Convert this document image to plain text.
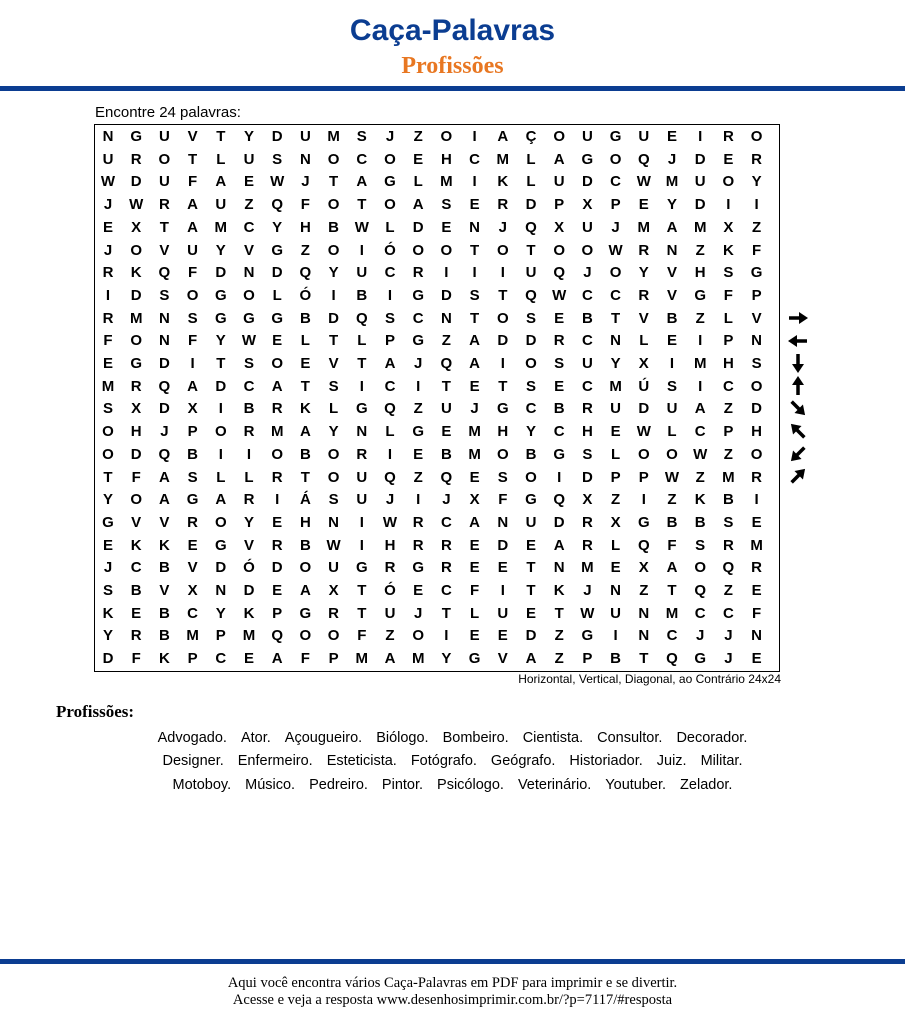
Caça-Palavras
Profissões
Encontre 24 palavras:
N	G	U	V	T	Y	D	U	M	S	J	Z	O	I	A	Ç	O	U	G	U	E	I	R	O
U	R	O	T	L	U	S	N	O	C	O	E	H	C	M	L	A	G	O	Q	J	D	E	R
W	D	U	F	A	E	W	J	T	A	G	L	M	I	K	L	U	D	C	W M	U	O	Y
J	W	R	A	U	Z	Q	F	O	T	O	A	S	E	R	D	P	X	P	E	Y	D	I	I
E	X	T	A	M	C	Y	H	B	W	L	D	E	N	J	Q	X	U	J	M	A	M	X	Z
J	O	V	U	Y	V	G	Z	O	I	Ó	O	O	T	O	T	O	O	W	R	N	Z	K	F
R	K	Q	F	D	N	D	Q	Y	U	C	R	I	I	I	U	Q	J	O	Y	V	H	S	G
I	D	S	O	G	O	L	Ó	I	B	I	G	D	S	T	Q	W	C	C	R	V	G	F	P
R	M	N	S	G	G	G	B	D	Q	S	C	N	T	O	S	E	B	T	V	B	Z	L	V
F	O	N	F	Y	W	E	L	T	L	P	G	Z	A	D	D	R	C	N	L	E	I	P	N
E	G	D	I	T	S	O	E	V	T	A	J	Q	A	I	O	S	U	Y	X	I	M	H	S
M	R	Q	A	D	C	A	T	S	I	C	I	T	E	T	S	E	C	M	Ú	S	I	C	O
S	X	D	X	I	B	R	K	L	G	Q	Z	U	J	G	C	B	R	U	D	U	A	Z	D
O	H	J	P	O	R	M	A	Y	N	L	G	E	M	H	Y	C	H	E	W	L	C	P	H
O	D	Q	B	I	I	O	B	O	R	I	E	B	M	O	B	G	S	L	O	O	W	Z	O
T	F	A	S	L	L	R	T	O	U	Q	Z	Q	E	S	O	I	D	P	P	W	Z	M	R
Y	O	A	G	A	R	I	Á	S	U	J	I	J	X	F	G	Q	X	Z	I	Z	K	B	I
G	V	V	R	O	Y	E	H	N	I	W	R	C	A	N	U	D	R	X	G	B	B	S	E
E	K	K	E	G	V	R	B	W	I	H	R	R	E	D	E	A	R	L	Q	F	S	R	M
J	C	B	V	D	Ó	D	O	U	G	R	G	R	E	E	T	N	M	E	X	A	O	Q	R
S	B	V	X	N	D	E	A	X	T	Ó	E	C	F	I	T	K	J	N	Z	T	Q	Z	E
K	E	B	C	Y	K	P	G	R	T	U	J	T	L	U	E	T	W	U	N	M	C	C	F
Y	R	B	M	P	M	Q	O	O	F	Z	O	I	E	E	D	Z	G	I	N	C	J	J	N
D	F	K	P	C	E	A	F	P	M	A	M	Y	G	V	A	Z	P	B	T	Q	G	J	E
Horizontal, Vertical, Diagonal, ao Contrário 24x24
Profissões:
Advogado. Ator. Açougueiro. Biólogo. Bombeiro. Cientista. Consultor. Decorador.
Designer. Enfermeiro. Esteticista. Fotógrafo. Geógrafo. Historiador. Juiz. Militar.
Motoboy. Músico. Pedreiro. Pintor. Psicólogo. Veterinário. Youtuber. Zelador.
Aqui você encontra vários Caça-Palavras em PDF para imprimir e se divertir.
Acesse e veja a resposta www.desenhosimprimir.com.br/?p=7117/#resposta
